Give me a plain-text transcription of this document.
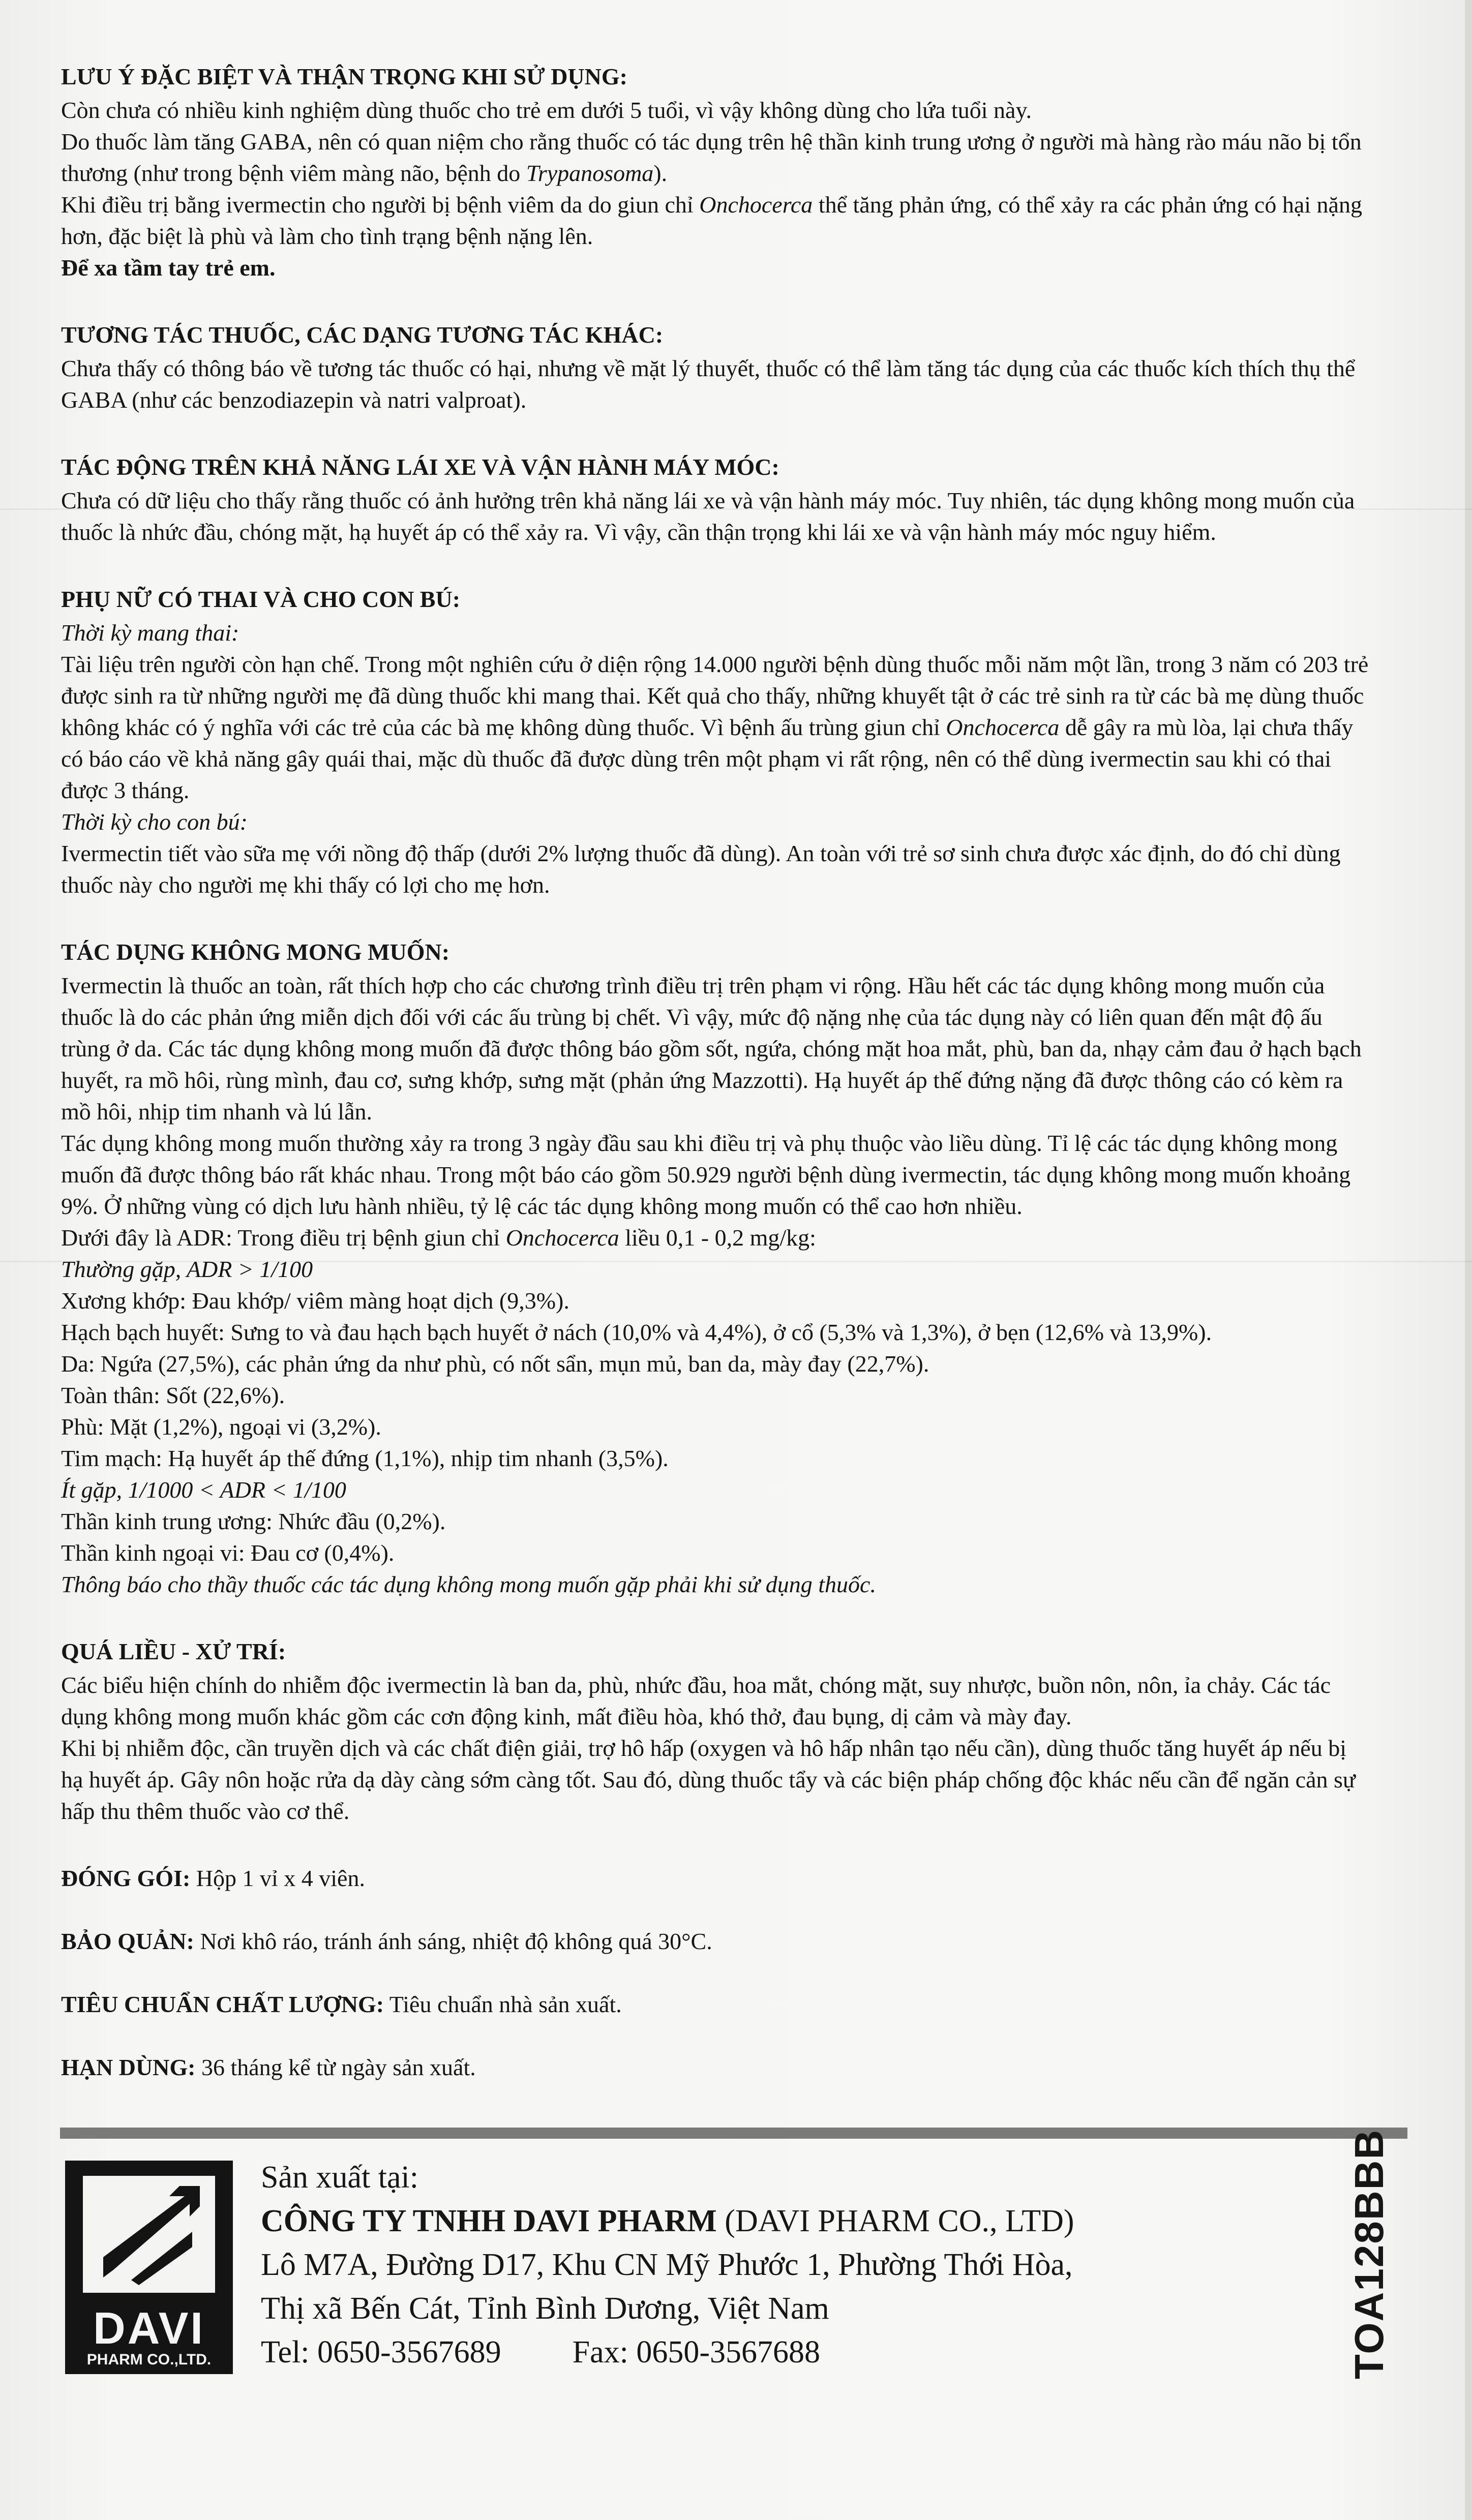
LƯU Ý ĐẶC BIỆT VÀ THẬN TRỌNG KHI SỬ DỤNG:

Còn chưa có nhiều kinh nghiệm dùng thuốc cho trẻ em dưới 5 tuổi, vì vậy không dùng cho lứa tuổi này.

Do thuốc làm tăng GABA, nên có quan niệm cho rằng thuốc có tác dụng trên hệ thần kinh trung ương ở người mà hàng rào máu não bị tổn thương (như trong bệnh viêm màng não, bệnh do Trypanosoma).

Khi điều trị bằng ivermectin cho người bị bệnh viêm da do giun chỉ Onchocerca thể tăng phản ứng, có thể xảy ra các phản ứng có hại nặng hơn, đặc biệt là phù và làm cho tình trạng bệnh nặng lên.

Để xa tầm tay trẻ em.

TƯƠNG TÁC THUỐC, CÁC DẠNG TƯƠNG TÁC KHÁC:

Chưa thấy có thông báo về tương tác thuốc có hại, nhưng về mặt lý thuyết, thuốc có thể làm tăng tác dụng của các thuốc kích thích thụ thể GABA (như các benzodiazepin và natri valproat).

TÁC ĐỘNG TRÊN KHẢ NĂNG LÁI XE VÀ VẬN HÀNH MÁY MÓC:

Chưa có dữ liệu cho thấy rằng thuốc có ảnh hưởng trên khả năng lái xe và vận hành máy móc. Tuy nhiên, tác dụng không mong muốn của thuốc là nhức đầu, chóng mặt, hạ huyết áp có thể xảy ra. Vì vậy, cần thận trọng khi lái xe và vận hành máy móc nguy hiểm.

PHỤ NỮ CÓ THAI VÀ CHO CON BÚ:

Thời kỳ mang thai:

Tài liệu trên người còn hạn chế. Trong một nghiên cứu ở diện rộng 14.000 người bệnh dùng thuốc mỗi năm một lần, trong 3 năm có 203 trẻ được sinh ra từ những người mẹ đã dùng thuốc khi mang thai. Kết quả cho thấy, những khuyết tật ở các trẻ sinh ra từ các bà mẹ dùng thuốc không khác có ý nghĩa với các trẻ của các bà mẹ không dùng thuốc. Vì bệnh ấu trùng giun chỉ Onchocerca dễ gây ra mù lòa, lại chưa thấy có báo cáo về khả năng gây quái thai, mặc dù thuốc đã được dùng trên một phạm vi rất rộng, nên có thể dùng ivermectin sau khi có thai được 3 tháng.

Thời kỳ cho con bú:

Ivermectin tiết vào sữa mẹ với nồng độ thấp (dưới 2% lượng thuốc đã dùng). An toàn với trẻ sơ sinh chưa được xác định, do đó chỉ dùng thuốc này cho người mẹ khi thấy có lợi cho mẹ hơn.

TÁC DỤNG KHÔNG MONG MUỐN:

Ivermectin là thuốc an toàn, rất thích hợp cho các chương trình điều trị trên phạm vi rộng. Hầu hết các tác dụng không mong muốn của thuốc là do các phản ứng miễn dịch đối với các ấu trùng bị chết. Vì vậy, mức độ nặng nhẹ của tác dụng này có liên quan đến mật độ ấu trùng ở da. Các tác dụng không mong muốn đã được thông báo gồm sốt, ngứa, chóng mặt hoa mắt, phù, ban da, nhạy cảm đau ở hạch bạch huyết, ra mồ hôi, rùng mình, đau cơ, sưng khớp, sưng mặt (phản ứng Mazzotti). Hạ huyết áp thế đứng nặng đã được thông cáo có kèm ra mồ hôi, nhịp tim nhanh và lú lẫn.

Tác dụng không mong muốn thường xảy ra trong 3 ngày đầu sau khi điều trị và phụ thuộc vào liều dùng. Tỉ lệ các tác dụng không mong muốn đã được thông báo rất khác nhau. Trong một báo cáo gồm 50.929 người bệnh dùng ivermectin, tác dụng không mong muốn khoảng 9%. Ở những vùng có dịch lưu hành nhiều, tỷ lệ các tác dụng không mong muốn có thể cao hơn nhiều.

Dưới đây là ADR: Trong điều trị bệnh giun chỉ Onchocerca liều 0,1 - 0,2 mg/kg:

Thường gặp, ADR > 1/100

Xương khớp: Đau khớp/ viêm màng hoạt dịch (9,3%).

Hạch bạch huyết: Sưng to và đau hạch bạch huyết ở nách (10,0% và 4,4%), ở cổ (5,3% và 1,3%), ở bẹn (12,6% và 13,9%).

Da: Ngứa (27,5%), các phản ứng da như phù, có nốt sẩn, mụn mủ, ban da, mày đay (22,7%).

Toàn thân: Sốt (22,6%).

Phù: Mặt (1,2%), ngoại vi (3,2%).

Tim mạch: Hạ huyết áp thế đứng (1,1%), nhịp tim nhanh (3,5%).

Ít gặp, 1/1000 < ADR < 1/100

Thần kinh trung ương: Nhức đầu (0,2%).

Thần kinh ngoại vi: Đau cơ (0,4%).

Thông báo cho thầy thuốc các tác dụng không mong muốn gặp phải khi sử dụng thuốc.

QUÁ LIỀU - XỬ TRÍ:

Các biểu hiện chính do nhiễm độc ivermectin là ban da, phù, nhức đầu, hoa mắt, chóng mặt, suy nhược, buồn nôn, nôn, ỉa chảy. Các tác dụng không mong muốn khác gồm các cơn động kinh, mất điều hòa, khó thở, đau bụng, dị cảm và mày đay.

Khi bị nhiễm độc, cần truyền dịch và các chất điện giải, trợ hô hấp (oxygen và hô hấp nhân tạo nếu cần), dùng thuốc tăng huyết áp nếu bị hạ huyết áp. Gây nôn hoặc rửa dạ dày càng sớm càng tốt. Sau đó, dùng thuốc tẩy và các biện pháp chống độc khác nếu cần để ngăn cản sự hấp thu thêm thuốc vào cơ thể.

ĐÓNG GÓI: Hộp 1 vỉ x 4 viên.

BẢO QUẢN: Nơi khô ráo, tránh ánh sáng, nhiệt độ không quá 30°C.

TIÊU CHUẨN CHẤT LƯỢNG: Tiêu chuẩn nhà sản xuất.

HẠN DÙNG: 36 tháng kể từ ngày sản xuất.

DAVI
PHARM CO.,LTD.

Sản xuất tại:

CÔNG TY TNHH DAVI PHARM (DAVI PHARM CO., LTD)

Lô M7A, Đường D17, Khu CN Mỹ Phước 1, Phường Thới Hòa,

Thị xã Bến Cát, Tỉnh Bình Dương, Việt Nam

Tel: 0650-3567689 Fax: 0650-3567688	TOA128BBB
